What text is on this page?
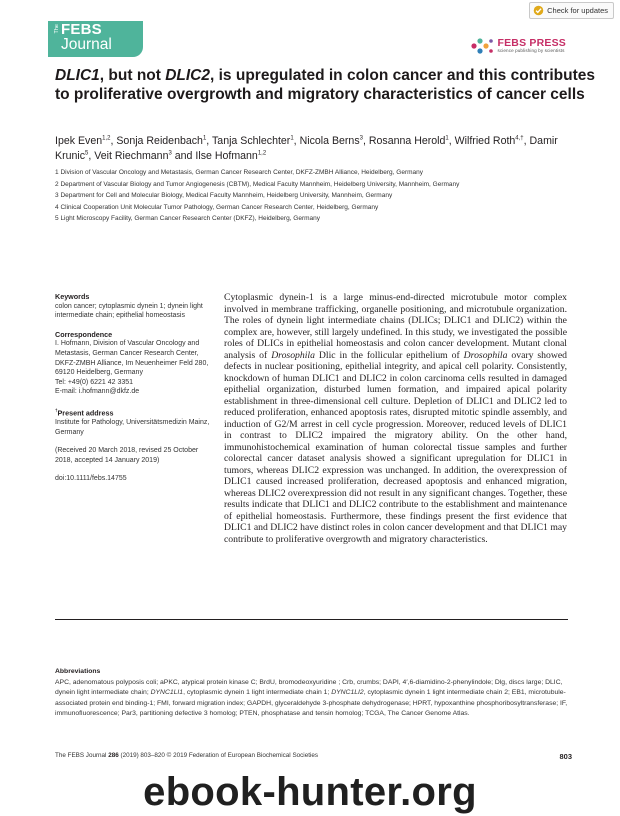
Check for updates
The FEBS
Journal	FEBS PRESS
science publishing by scientists
DLIC1, but not DLIC2, is upregulated in colon cancer and this contributes to proliferative overgrowth and migratory characteristics of cancer cells
Ipek Even$^{1,2}$, Sonja Reidenbach$^1$, Tanja Schlechter$^1$, Nicola Berns$^3$, Rosanna Herold$^1$, Wilfried Roth$^{4,\dagger}$, Damir Krunic$^5$, Veit Riechmann$^3$ and Ilse Hofmann$^{1,2}$
1 Division of Vascular Oncology and Metastasis, German Cancer Research Center, DKFZ-ZMBH Alliance, Heidelberg, Germany
2 Department of Vascular Biology and Tumor Angiogenesis (CBTM), Medical Faculty Mannheim, Heidelberg University, Mannheim, Germany
3 Department for Cell and Molecular Biology, Medical Faculty Mannheim, Heidelberg University, Mannheim, Germany
4 Clinical Cooperation Unit Molecular Tumor Pathology, German Cancer Research Center, Heidelberg, Germany
5 Light Microscopy Facility, German Cancer Research Center (DKFZ), Heidelberg, Germany
Keywords
colon cancer; cytoplasmic dynein 1; dynein light intermediate chain; epithelial homeostasis
Correspondence
I. Hofmann, Division of Vascular Oncology and Metastasis, German Cancer Research Center, DKFZ-ZMBH Alliance, Im Neuenheimer Feld 280, 69120 Heidelberg, Germany
Tel: +49(0) 6221 42 3351
E-mail: i.hofmann@dkfz.de
†Present address
Institute for Pathology, Universitätsmedizin Mainz, Germany
(Received 20 March 2018, revised 25 October 2018, accepted 14 January 2019)
doi:10.1111/febs.14755

Cytoplasmic dynein-1 is a large minus-end-directed microtubule motor complex involved in membrane trafficking, organelle positioning, and microtubule organization. The roles of dynein light intermediate chains (DLICs; DLIC1 and DLIC2) within the complex are, however, still largely undefined. In this study, we investigated the possible roles of DLICs in epithelial homeostasis and colon cancer development. Mutant clonal analysis of Drosophila Dlic in the follicular epithelium of Drosophila ovary showed defects in nuclear positioning, epithelial integrity, and apical cell polarity. Consistently, knockdown of human DLIC1 and DLIC2 in colon carcinoma cells resulted in damaged epithelial organization, disturbed lumen formation, and impaired apical polarity establishment in three-dimensional cell culture. Depletion of DLIC1 and DLIC2 led to reduced proliferation, enhanced apoptosis rates, disrupted mitotic spindle assembly, and induction of G2/M arrest in cell cycle progression. Moreover, reduced levels of DLIC1 in contrast to DLIC2 impaired the migratory ability. On the other hand, immunohistochemical examination of human colorectal tissue samples and further colorectal cancer dataset analysis showed a significant upregulation for DLIC1 in tumors, whereas DLIC2 expression was unchanged. In addition, the overexpression of DLIC1 caused increased proliferation, decreased apoptosis and enhanced migration, whereas DLIC2 overexpression did not result in any significant changes. Together, these results indicate that DLIC1 and DLIC2 contribute to the establishment and maintenance of epithelial homeostasis. Furthermore, these findings present the first evidence that DLIC1 and DLIC2 have distinct roles in colon cancer development and that DLIC1 may contribute to proliferative overgrowth and migratory characteristics.

Abbreviations
APC, adenomatous polyposis coli; aPKC, atypical protein kinase C; BrdU, bromodeoxyuridine ; Crb, crumbs; DAPI, 4′,6-diamidino-2-phenylindole; Dlg, discs large; DLIC, dynein light intermediate chain; DYNC1LI1, cytoplasmic dynein 1 light intermediate chain 1; DYNC1LI2, cytoplasmic dynein 1 light intermediate chain 2; EB1, microtubule-associated protein end binding-1; FMI, forward migration index; GAPDH, glyceraldehyde 3-phosphate dehydrogenase; HPRT, hypoxanthine phosphoribosyltransferase; IF, immunofluorescence; Par3, partitioning defective 3 homolog; PTEN, phosphatase and tensin homolog; TCGA, The Cancer Genome Atlas.
The FEBS Journal 286 (2019) 803–820 © 2019 Federation of European Biochemical Societies	803
ebook-hunter.org
